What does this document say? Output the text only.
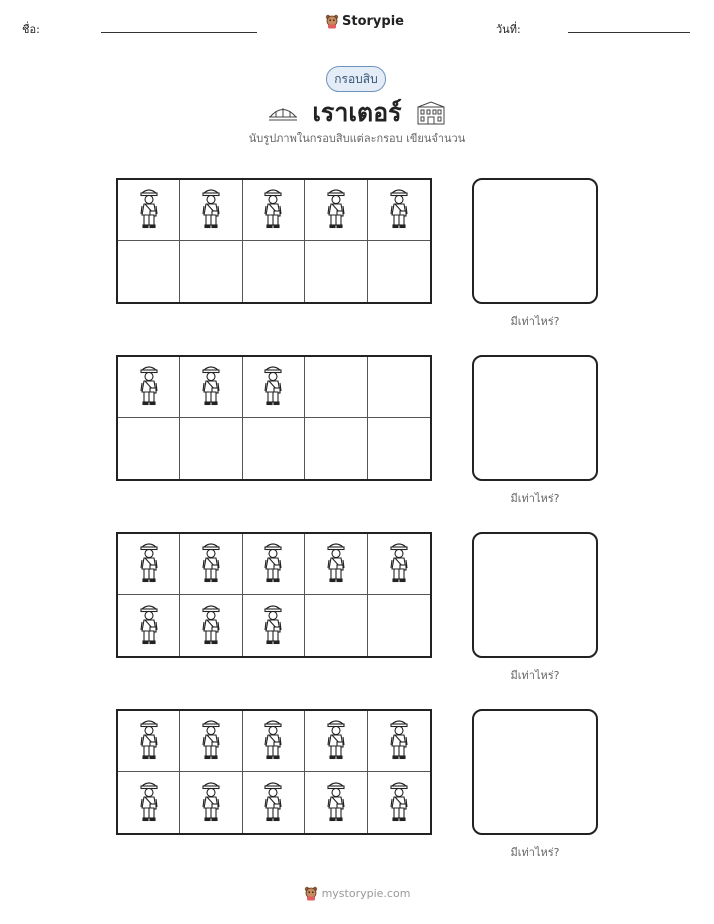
ชื่อ:
Storypie
วันที่:
กรอบสิบ
เราเตอร์
นับรูปภาพในกรอบสิบแต่ละกรอบ เขียนจำนวน
มีเท่าไหร่?
มีเท่าไหร่?
มีเท่าไหร่?
มีเท่าไหร่?
mystorypie.com
